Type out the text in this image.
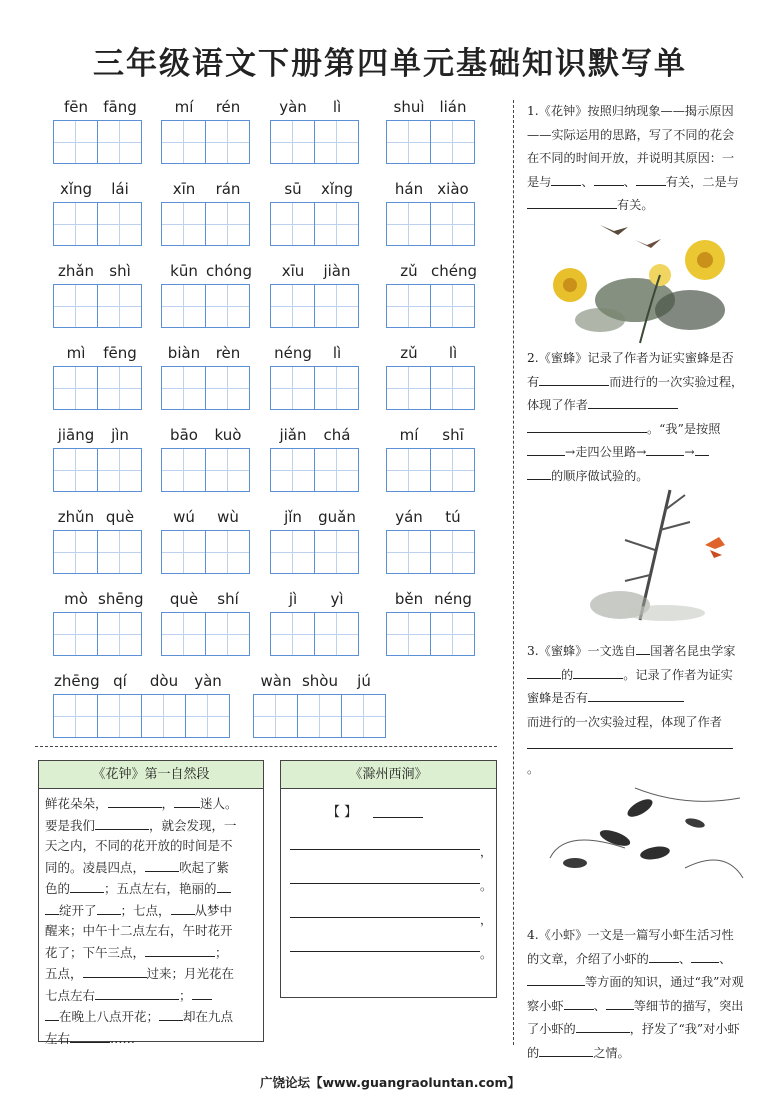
三年级语文下册第四单元基础知识默写单
fēn	fāng	mí	rén	yàn	lì	shuì lián
xǐng	lái	xīn	rán	sū	xǐng	hán xiào
zhǎn	shì	kūn chóng	xīu	jiàn	zǔ chéng
mì	fēng	biàn	rèn	néng	lì	zǔ	lì
jiāng	jìn	bāo	kuò	jiǎn	chá	mí	shī
zhǔn què	wú	wù	jǐn	guǎn	yán	tú
mò shēng	què	shí	jì	yì	běn néng
zhēng qí	dòu	yàn	wàn shòu	jú
《花钟》第一自然段
鲜花朵朵，	， 迷人。
要是我们	，就会发现，一
天之内，不同的花开放的时间是不
同的。凌晨四点，	吹起了紫
色的	；五点左右，艳丽的
绽开了 ；七点， 从梦中
醒来；中午十二点左右，午时花开
花了；下午三点，	；
五点，	过来；月光花在
七点左右	；
在晚上八点开花； 却在九点
左右	……
《滁州西涧》
【 】
，
。
，
。
1.《花钟》按照归纳现象——揭示原因——实际运用的思路，写了不同的花会在不同的时间开放，并说明其原因：一是与 、 、 有关，二是与有关。
2.《蜜蜂》记录了作者为证实蜜蜂是否有	而进行的一次实验过程，体现了作者
。“我”是按照
→走四公里路→	→
的顺序做试验的。
3.《蜜蜂》一文选自 国著名昆虫学家的	。记录了作者为证实蜜蜂是否有
而进行的一次实验过程，体现了作者
。
4.《小虾》一文是一篇写小虾生活习性的文章，介绍了小虾的 、 、
等方面的知识，通过“我”对观察小虾 、 等细节的描写，突出了小虾的	，抒发了“我”对小虾的	之情。
广饶论坛【www.guangraoluntan.com】
